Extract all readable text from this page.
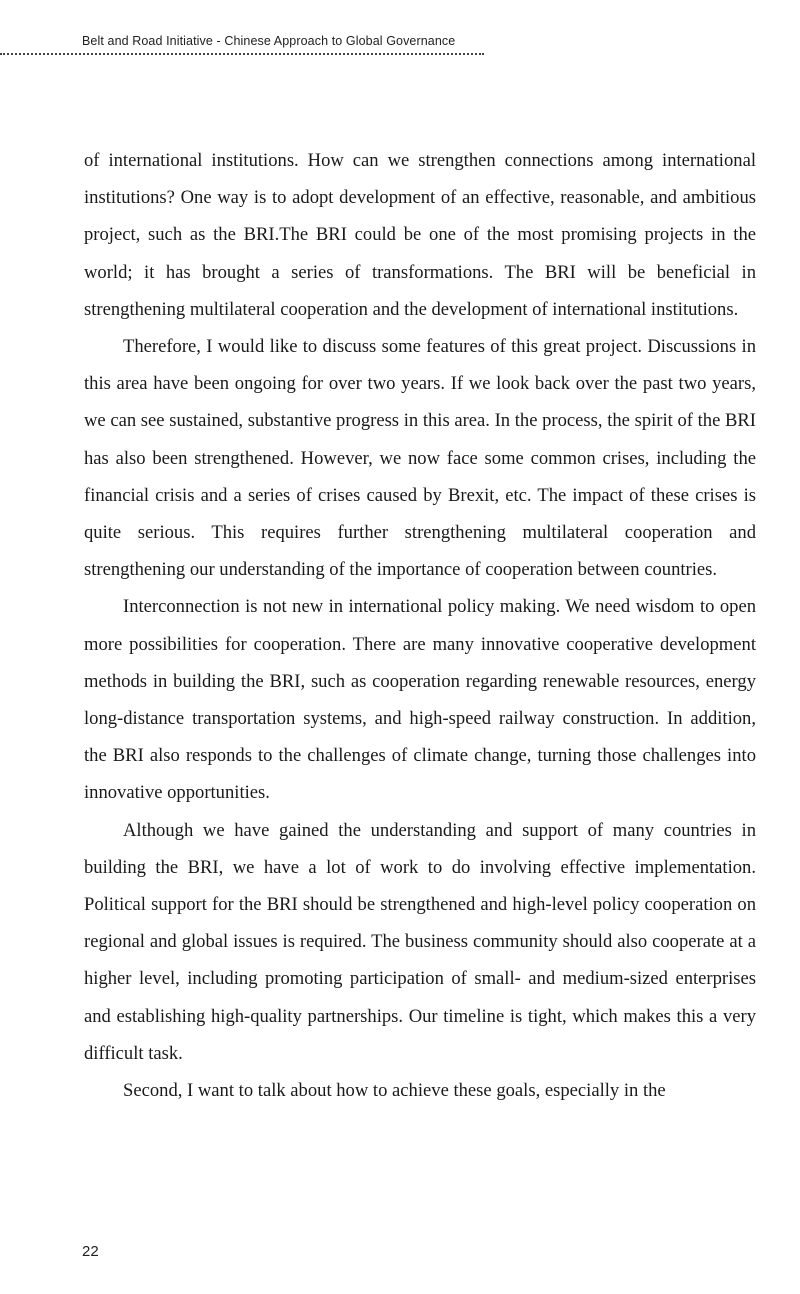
Belt and Road Initiative - Chinese Approach to Global Governance

of international institutions. How can we strengthen connections among international institutions? One way is to adopt development of an effective, reasonable, and ambitious project, such as the BRI.The BRI could be one of the most promising projects in the world; it has brought a series of transformations. The BRI will be beneficial in strengthening multilateral cooperation and the development of international institutions.

Therefore, I would like to discuss some features of this great project. Discussions in this area have been ongoing for over two years. If we look back over the past two years, we can see sustained, substantive progress in this area. In the process, the spirit of the BRI has also been strengthened. However, we now face some common crises, including the financial crisis and a series of crises caused by Brexit, etc. The impact of these crises is quite serious. This requires further strengthening multilateral cooperation and strengthening our understanding of the importance of cooperation between countries.

Interconnection is not new in international policy making. We need wisdom to open more possibilities for cooperation. There are many innovative cooperative development methods in building the BRI, such as cooperation regarding renewable resources, energy long-distance transportation systems, and high-speed railway construction. In addition, the BRI also responds to the challenges of climate change, turning those challenges into innovative opportunities.

Although we have gained the understanding and support of many countries in building the BRI, we have a lot of work to do involving effective implementation. Political support for the BRI should be strengthened and high-level policy cooperation on regional and global issues is required. The business community should also cooperate at a higher level, including promoting participation of small- and medium-sized enterprises and establishing high-quality partnerships. Our timeline is tight, which makes this a very difficult task.

Second, I want to talk about how to achieve these goals, especially in the

22
